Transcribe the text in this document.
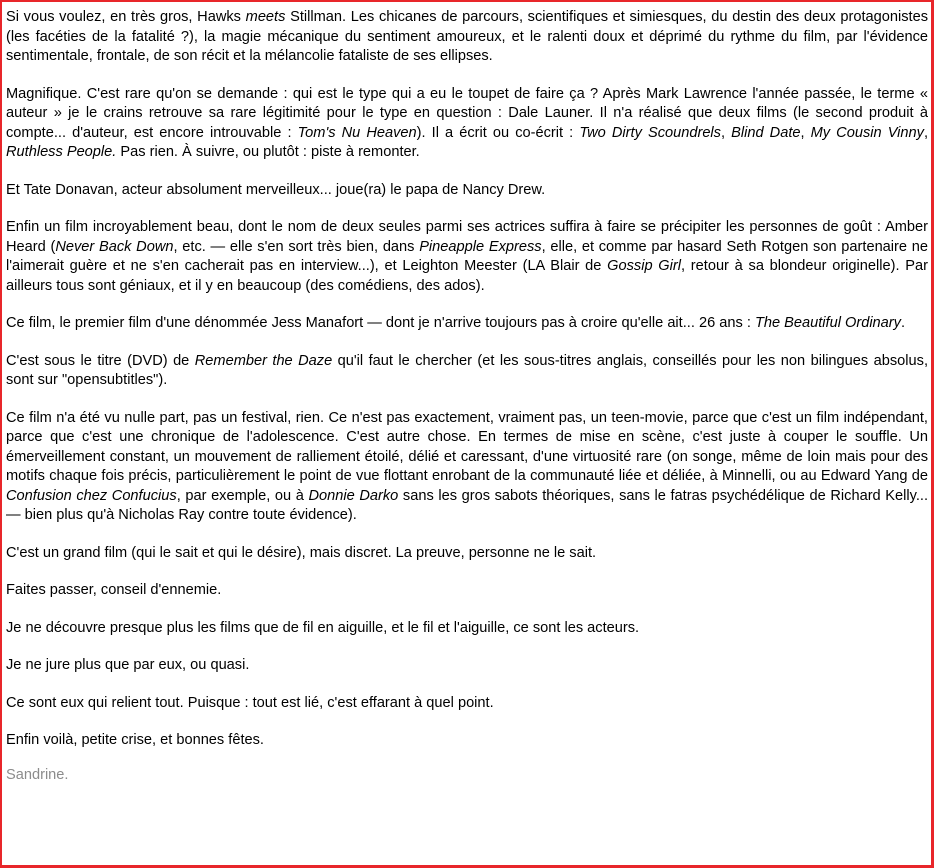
Si vous voulez, en très gros, Hawks meets Stillman. Les chicanes de parcours, scientifiques et simiesques, du destin des deux protagonistes (les facéties de la fatalité ?), la magie mécanique du sentiment amoureux, et le ralenti doux et déprimé du rythme du film, par l'évidence sentimentale, frontale, de son récit et la mélancolie fataliste de ses ellipses.

Magnifique. C'est rare qu'on se demande : qui est le type qui a eu le toupet de faire ça ? Après Mark Lawrence l'année passée, le terme « auteur » je le crains retrouve sa rare légitimité pour le type en question : Dale Launer. Il n'a réalisé que deux films (le second produit à compte... d'auteur, est encore introuvable : Tom's Nu Heaven). Il a écrit ou co-écrit : Two Dirty Scoundrels, Blind Date, My Cousin Vinny, Ruthless People. Pas rien. À suivre, ou plutôt : piste à remonter.

Et Tate Donavan, acteur absolument merveilleux... joue(ra) le papa de Nancy Drew.

Enfin un film incroyablement beau, dont le nom de deux seules parmi ses actrices suffira à faire se précipiter les personnes de goût : Amber Heard (Never Back Down, etc. — elle s'en sort très bien, dans Pineapple Express, elle, et comme par hasard Seth Rotgen son partenaire ne l'aimerait guère et ne s'en cacherait pas en interview...), et Leighton Meester (LA Blair de Gossip Girl, retour à sa blondeur originelle). Par ailleurs tous sont géniaux, et il y en beaucoup (des comédiens, des ados).

Ce film, le premier film d'une dénommée Jess Manafort — dont je n'arrive toujours pas à croire qu'elle ait... 26 ans : The Beautiful Ordinary.

C'est sous le titre (DVD) de Remember the Daze qu'il faut le chercher (et les sous-titres anglais, conseillés pour les non bilingues absolus, sont sur "opensubtitles").

Ce film n'a été vu nulle part, pas un festival, rien. Ce n'est pas exactement, vraiment pas, un teen-movie, parce que c'est un film indépendant, parce que c'est une chronique de l'adolescence. C'est autre chose. En termes de mise en scène, c'est juste à couper le souffle. Un émerveillement constant, un mouvement de ralliement étoilé, délié et caressant, d'une virtuosité rare (on songe, même de loin mais pour des motifs chaque fois précis, particulièrement le point de vue flottant enrobant de la communauté liée et déliée, à Minnelli, ou au Edward Yang de Confusion chez Confucius, par exemple, ou à Donnie Darko sans les gros sabots théoriques, sans le fatras psychédélique de Richard Kelly... — bien plus qu'à Nicholas Ray contre toute évidence).

C'est un grand film (qui le sait et qui le désire), mais discret. La preuve, personne ne le sait.

Faites passer, conseil d'ennemie.

Je ne découvre presque plus les films que de fil en aiguille, et le fil et l'aiguille, ce sont les acteurs.

Je ne jure plus que par eux, ou quasi.

Ce sont eux qui relient tout. Puisque : tout est lié, c'est effarant à quel point.

Enfin voilà, petite crise, et bonnes fêtes.

Sandrine.
